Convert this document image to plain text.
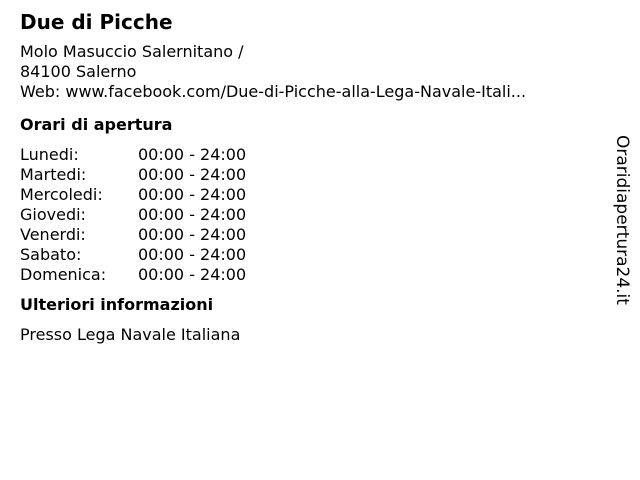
Due di Picche
Molo Masuccio Salernitano /
84100 Salerno
Web: www.facebook.com/Due-di-Picche-alla-Lega-Navale-Itali...
Orari di apertura
Lunedi:	00:00 - 24:00
Martedi:	00:00 - 24:00
Mercoledi:	00:00 - 24:00
Giovedi:	00:00 - 24:00
Venerdi:	00:00 - 24:00
Sabato:	00:00 - 24:00
Domenica:	00:00 - 24:00
Ulteriori informazioni
Presso Lega Navale Italiana
Oraridiapertura24.it
